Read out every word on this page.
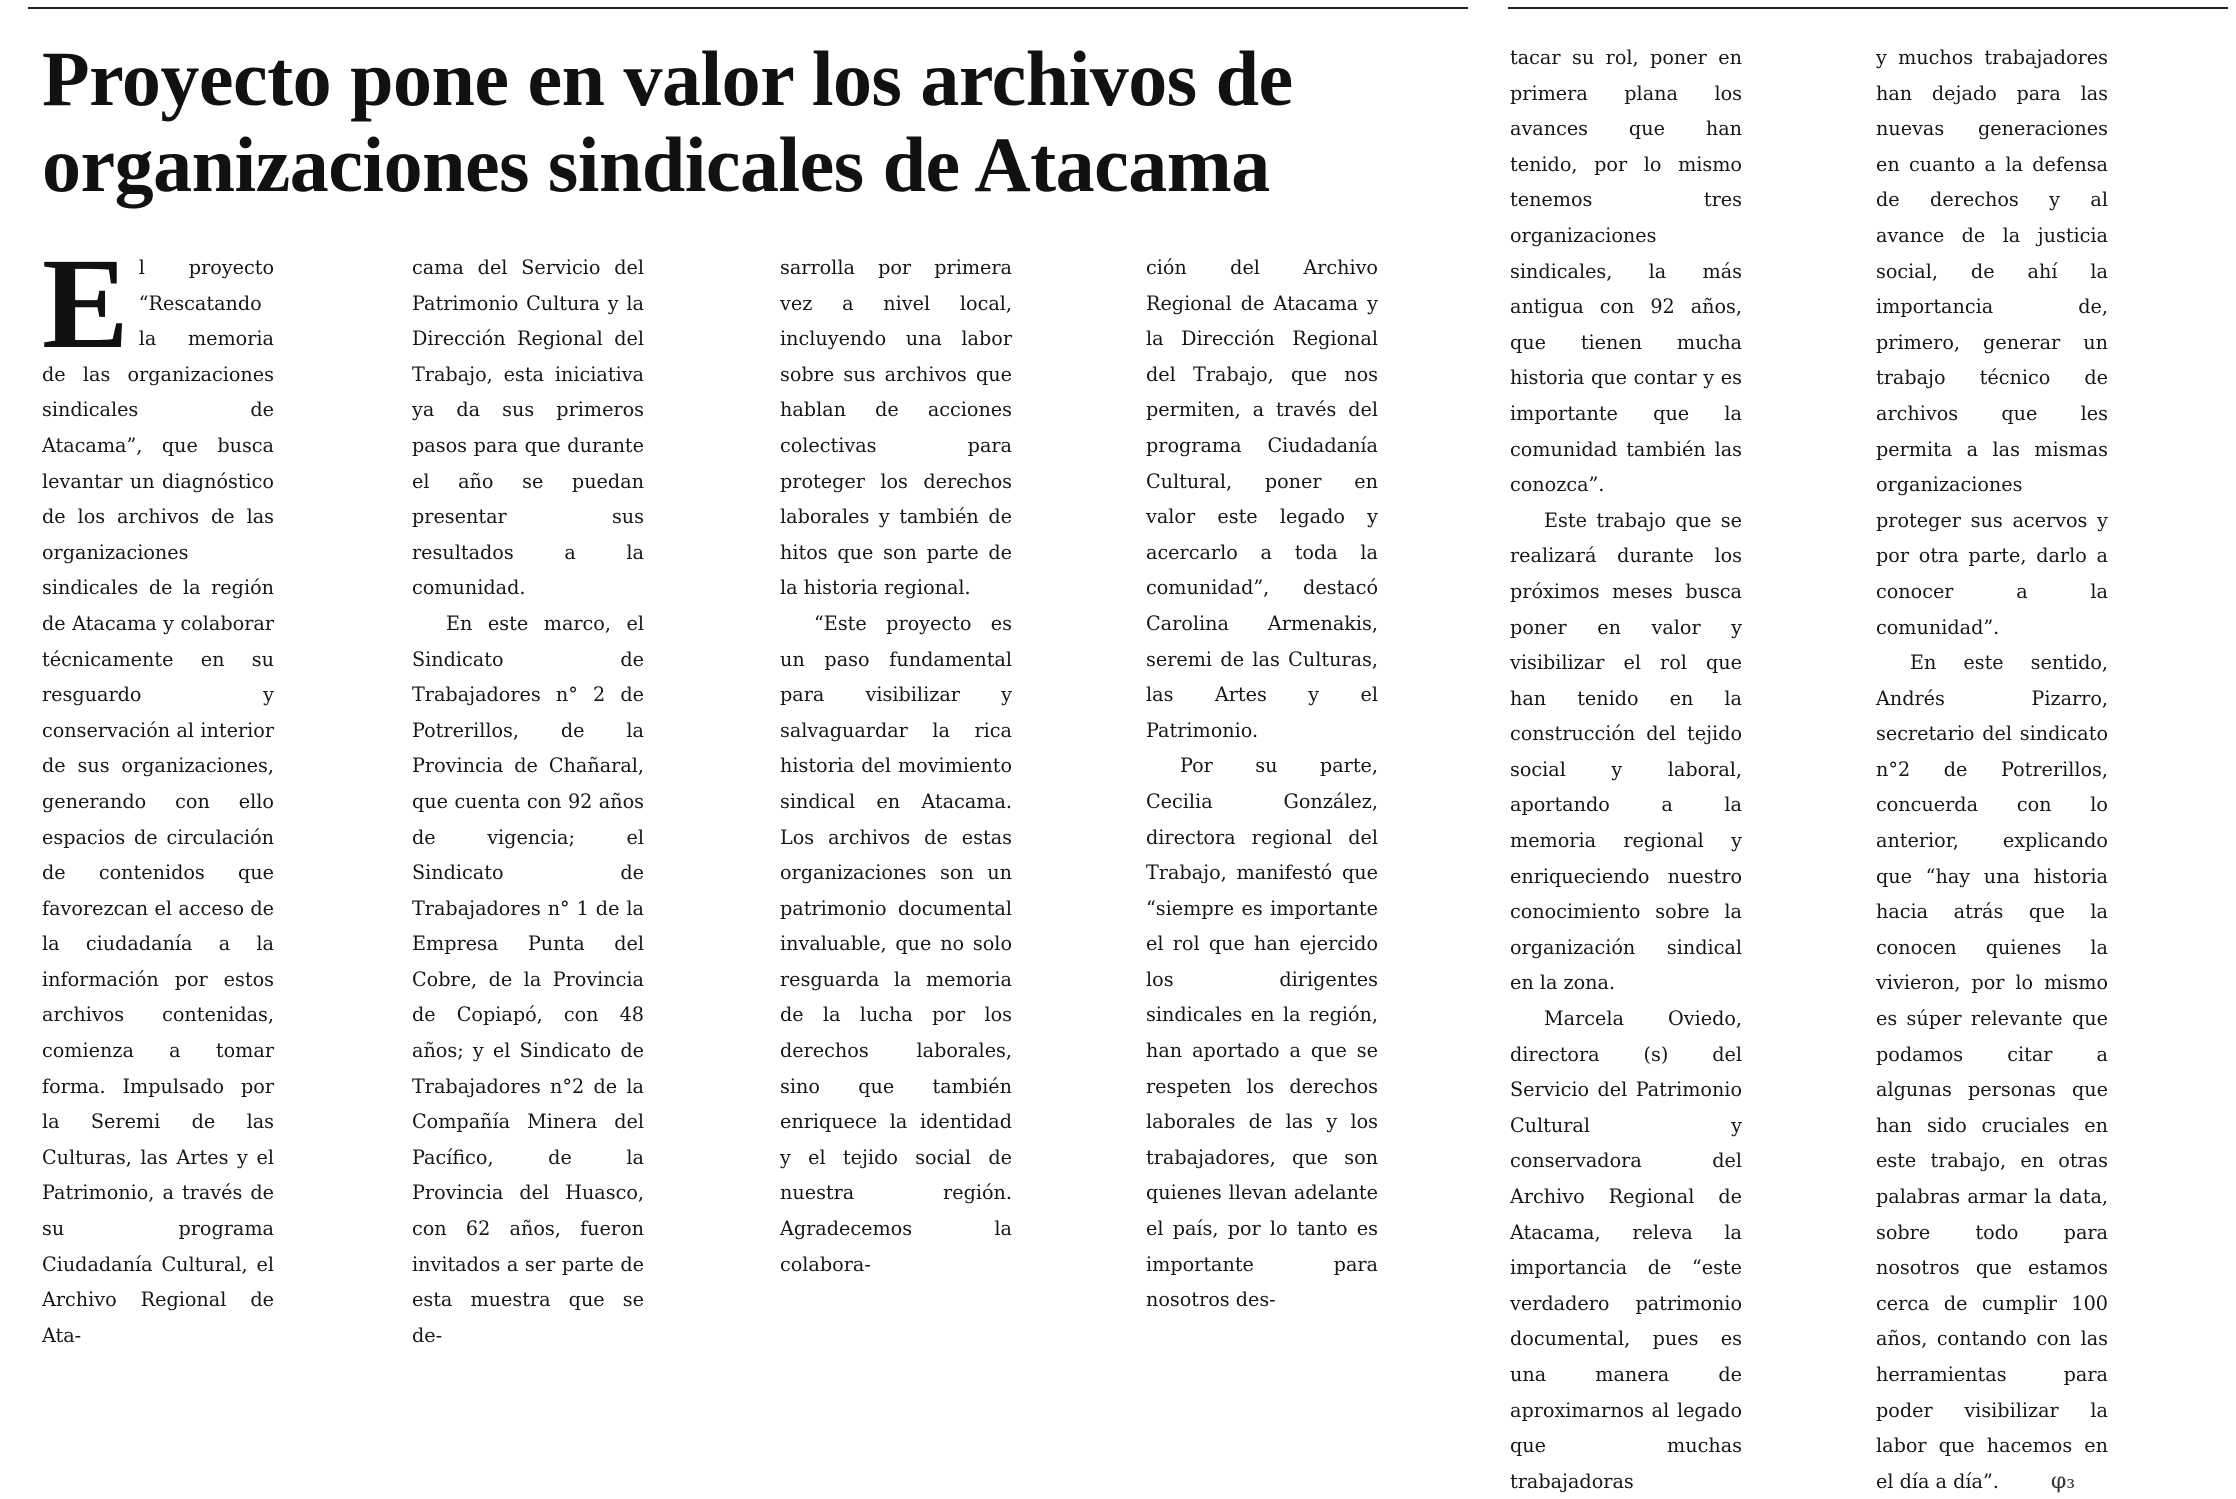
Proyecto pone en valor los archivos de organizaciones sindicales de Atacama
E l proyecto “Rescatando la memoria de las organizaciones sindicales de Atacama”, que busca levantar un diagnóstico de los archivos de las organizaciones sindicales de la región de Atacama y colaborar técnicamente en su resguardo y conservación al interior de sus organizaciones, generando con ello espacios de circulación de contenidos que favorezcan el acceso de la ciudadanía a la información por estos archivos contenidas, comienza a tomar forma. Impulsado por la Seremi de las Culturas, las Artes y el Patrimonio, a través de su programa Ciudadanía Cultural, el Archivo Regional de Ata-

cama del Servicio del Patrimonio Cultura y la Dirección Regional del Trabajo, esta iniciativa ya da sus primeros pasos para que durante el año se puedan presentar sus resultados a la comunidad.

En este marco, el Sindicato de Trabajadores n° 2 de Potrerillos, de la Provincia de Chañaral, que cuenta con 92 años de vigencia; el Sindicato de Trabajadores n° 1 de la Empresa Punta del Cobre, de la Provincia de Copiapó, con 48 años; y el Sindicato de Trabajadores n°2 de la Compañía Minera del Pacífico, de la Provincia del Huasco, con 62 años, fueron invitados a ser parte de esta muestra que se de-

sarrolla por primera vez a nivel local, incluyendo una labor sobre sus archivos que hablan de acciones colectivas para proteger los derechos laborales y también de hitos que son parte de la historia regional.

“Este proyecto es un paso fundamental para visibilizar y salvaguardar la rica historia del movimiento sindical en Atacama. Los archivos de estas organizaciones son un patrimonio documental invaluable, que no solo resguarda la memoria de la lucha por los derechos laborales, sino que también enriquece la identidad y el tejido social de nuestra región. Agradecemos la colabora-

ción del Archivo Regional de Atacama y la Dirección Regional del Trabajo, que nos permiten, a través del programa Ciudadanía Cultural, poner en valor este legado y acercarlo a toda la comunidad”, destacó Carolina Armenakis, seremi de las Culturas, las Artes y el Patrimonio.

Por su parte, Cecilia González, directora regional del Trabajo, manifestó que “siempre es importante el rol que han ejercido los dirigentes sindicales en la región, han aportado a que se respeten los derechos laborales de las y los trabajadores, que son quienes llevan adelante el país, por lo tanto es importante para nosotros des-

tacar su rol, poner en primera plana los avances que han tenido, por lo mismo tenemos tres organizaciones sindicales, la más antigua con 92 años, que tienen mucha historia que contar y es importante que la comunidad también las conozca”.

Este trabajo que se realizará durante los próximos meses busca poner en valor y visibilizar el rol que han tenido en la construcción del tejido social y laboral, aportando a la memoria regional y enriqueciendo nuestro conocimiento sobre la organización sindical en la zona.

Marcela Oviedo, directora (s) del Servicio del Patrimonio Cultural y conservadora del Archivo Regional de Atacama, releva la importancia de “este verdadero patrimonio documental, pues es una manera de aproximarnos al legado que muchas trabajadoras

y muchos trabajadores han dejado para las nuevas generaciones en cuanto a la defensa de derechos y al avance de la justicia social, de ahí la importancia de, primero, generar un trabajo técnico de archivos que les permita a las mismas organizaciones proteger sus acervos y por otra parte, darlo a conocer a la comunidad”.

En este sentido, Andrés Pizarro, secretario del sindicato n°2 de Potrerillos, concuerda con lo anterior, explicando que “hay una historia hacia atrás que la conocen quienes la vivieron, por lo mismo es súper relevante que podamos citar a algunas personas que han sido cruciales en este trabajo, en otras palabras armar la data, sobre todo para nosotros que estamos cerca de cumplir 100 años, contando con las herramientas para poder visibilizar la labor que hacemos en el día a día”. φ₃
